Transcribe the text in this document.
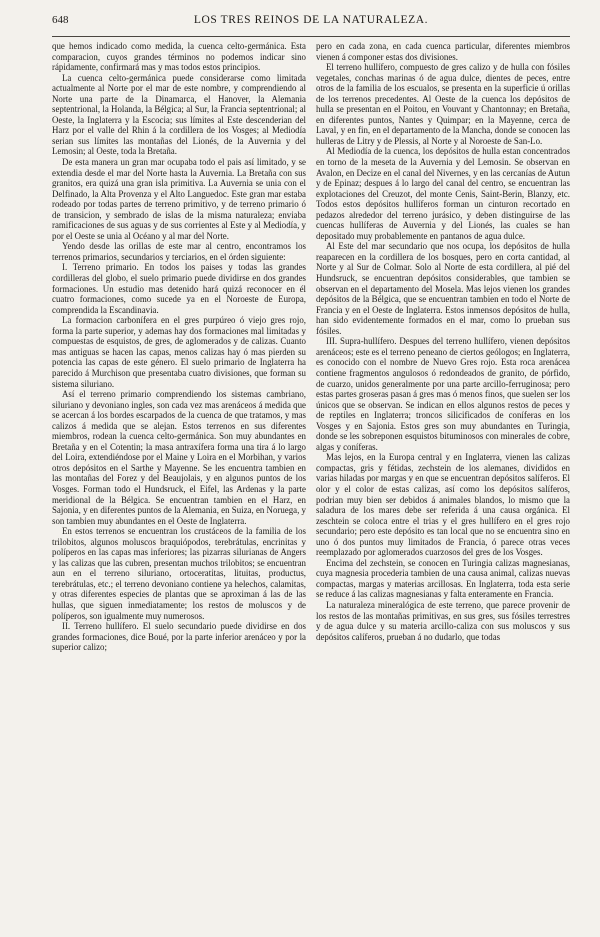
648	LOS TRES REINOS DE LA NATURALEZA.

que hemos indicado como medida, la cuenca celto-germánica. Esta comparacion, cuyos grandes términos no podemos indicar sino rápidamente, confirmará mas y mas todos estos principios.

La cuenca celto-germánica puede considerarse como limitada actualmente al Norte por el mar de este nombre, y comprendiendo al Norte una parte de la Dinamarca, el Hanover, la Alemania septentrional, la Holanda, la Bélgica; al Sur, la Francia septentrional; al Oeste, la Inglaterra y la Escocia; sus límites al Este descenderian del Harz por el valle del Rhin á la cordillera de los Vosges; al Mediodía serian sus límites las montañas del Lionés, de la Auvernia y del Lemosin; al Oeste, toda la Bretaña.

De esta manera un gran mar ocupaba todo el pais así limitado, y se extendia desde el mar del Norte hasta la Auvernia. La Bretaña con sus granitos, era quizá una gran isla primitiva. La Auvernia se unia con el Delfinado, la Alta Provenza y el Alto Languedoc. Este gran mar estaba rodeado por todas partes de terreno primitivo, y de terreno primario ó de transicion, y sembrado de islas de la misma naturaleza; enviaba ramificaciones de sus aguas y de sus corrientes al Este y al Mediodía, y por el Oeste se unia al Océano y al mar del Norte.

Yendo desde las orillas de este mar al centro, encontramos los terrenos primarios, secundarios y terciarios, en el órden siguiente:

I. Terreno primario. En todos los paises y todas las grandes cordilleras del globo, el suelo primario puede dividirse en dos grandes formaciones. Un estudio mas detenido hará quizá reconocer en él cuatro formaciones, como sucede ya en el Noroeste de Europa, comprendida la Escandinavia.

La formacion carbonífera en el gres purpúreo ó viejo gres rojo, forma la parte superior, y ademas hay dos formaciones mal limitadas y compuestas de esquistos, de gres, de aglomerados y de calizas. Cuanto mas antiguas se hacen las capas, menos calizas hay ó mas pierden su potencia las capas de este género. El suelo primario de Inglaterra ha parecido á Murchison que presentaba cuatro divisiones, que forman su sistema siluriano.

Así el terreno primario comprendiendo los sistemas cambriano, siluriano y devoniano ingles, son cada vez mas arenáceos á medida que se acercan á los bordes escarpados de la cuenca de que tratamos, y mas calizos á medida que se alejan. Estos terrenos en sus diferentes miembros, rodean la cuenca celto-germánica. Son muy abundantes en Bretaña y en el Cotentin; la masa antraxífera forma una tira á lo largo del Loira, extendiéndose por el Maine y Loira en el Morbihan, y varios otros depósitos en el Sarthe y Mayenne. Se les encuentra tambien en las montañas del Forez y del Beaujolais, y en algunos puntos de los Vosges. Forman todo el Hundsruck, el Eifel, las Ardenas y la parte meridional de la Bélgica. Se encuentran tambien en el Harz, en Sajonia, y en diferentes puntos de la Alemania, en Suiza, en Noruega, y son tambien muy abundantes en el Oeste de Inglaterra.

En estos terrenos se encuentran los crustáceos de la familia de los trilobitos, algunos moluscos braquiópodos, terebrátulas, encrinitas y políperos en las capas mas inferiores; las pizarras silurianas de Angers y las calizas que las cubren, presentan muchos trilobitos; se encuentran aun en el terreno siluriano, ortoceratitas, lituitas, productus, terebrátulas, etc.; el terreno devoniano contiene ya helechos, calamitas, y otras diferentes especies de plantas que se aproximan á las de las hullas, que siguen inmediatamente; los restos de moluscos y de políperos, son igualmente muy numerosos.

II. Terreno hullífero. El suelo secundario puede dividirse en dos grandes formaciones, dice Boué, por la parte inferior arenáceo y por la superior calizo;

pero en cada zona, en cada cuenca particular, diferentes miembros vienen á componer estas dos divisiones.

El terreno hullífero, compuesto de gres calizo y de hulla con fósiles vegetales, conchas marinas ó de agua dulce, dientes de peces, entre otros de la familia de los escualos, se presenta en la superficie ú orillas de los terrenos precedentes. Al Oeste de la cuenca los depósitos de hulla se presentan en el Poitou, en Vouvant y Chantonnay; en Bretaña, en diferentes puntos, Nantes y Quimpar; en la Mayenne, cerca de Laval, y en fin, en el departamento de la Mancha, donde se conocen las hulleras de Litry y de Plessis, al Norte y al Noroeste de San-Lo.

Al Mediodía de la cuenca, los depósitos de hulla estan concentrados en torno de la meseta de la Auvernia y del Lemosin. Se observan en Avalon, en Decize en el canal del Nivernes, y en las cercanías de Autun y de Epinaz; despues á lo largo del canal del centro, se encuentran las explotaciones del Creuzot, del monte Cenis, Saint-Berin, Blanzy, etc. Todos estos depósitos hullíferos forman un cinturon recortado en pedazos alrededor del terreno jurásico, y deben distinguirse de las cuencas hullíferas de Auvernia y del Lionés, las cuales se han depositado muy probablemente en pantanos de agua dulce.

Al Este del mar secundario que nos ocupa, los depósitos de hulla reaparecen en la cordillera de los bosques, pero en corta cantidad, al Norte y al Sur de Colmar. Solo al Norte de esta cordillera, al pié del Hundsruck, se encuentran depósitos considerables, que tambien se observan en el departamento del Mosela. Mas lejos vienen los grandes depósitos de la Bélgica, que se encuentran tambien en todo el Norte de Francia y en el Oeste de Inglaterra. Estos inmensos depósitos de hulla, han sido evidentemente formados en el mar, como lo prueban sus fósiles.

III. Supra-hullífero. Despues del terreno hullífero, vienen depósitos arenáceos; este es el terreno peneano de ciertos geólogos; en Inglaterra, es conocido con el nombre de Nuevo Gres rojo. Esta roca arenácea contiene fragmentos angulosos ó redondeados de granito, de pórfido, de cuarzo, unidos generalmente por una parte arcillo-ferruginosa; pero estas partes groseras pasan á gres mas ó menos finos, que suelen ser los únicos que se observan. Se indican en ellos algunos restos de peces y de reptiles en Inglaterra; troncos silicificados de coníferas en los Vosges y en Sajonia. Estos gres son muy abundantes en Turingia, donde se les sobreponen esquistos bituminosos con minerales de cobre, algas y coníferas.

Mas lejos, en la Europa central y en Inglaterra, vienen las calizas compactas, gris y fétidas, zechstein de los alemanes, divididos en varias hiladas por margas y en que se encuentran depósitos salíferos. El olor y el color de estas calizas, así como los depósitos salíferos, podrian muy bien ser debidos á animales blandos, lo mismo que la saladura de los mares debe ser referida á una causa orgánica. El zeschtein se coloca entre el trias y el gres hullífero en el gres rojo secundario; pero este depósito es tan local que no se encuentra sino en uno ó dos puntos muy limitados de Francia, ó parece otras veces reemplazado por aglomerados cuarzosos del gres de los Vosges.

Encima del zechstein, se conocen en Turingia calizas magnesianas, cuya magnesia procederia tambien de una causa animal, calizas nuevas compactas, margas y materias arcillosas. En Inglaterra, toda esta serie se reduce á las calizas magnesianas y falta enteramente en Francia.

La naturaleza mineralógica de este terreno, que parece provenir de los restos de las montañas primitivas, en sus gres, sus fósiles terrestres y de agua dulce y su materia arcillo-caliza con sus moluscos y sus depósitos calíferos, prueban á no dudarlo, que todas
